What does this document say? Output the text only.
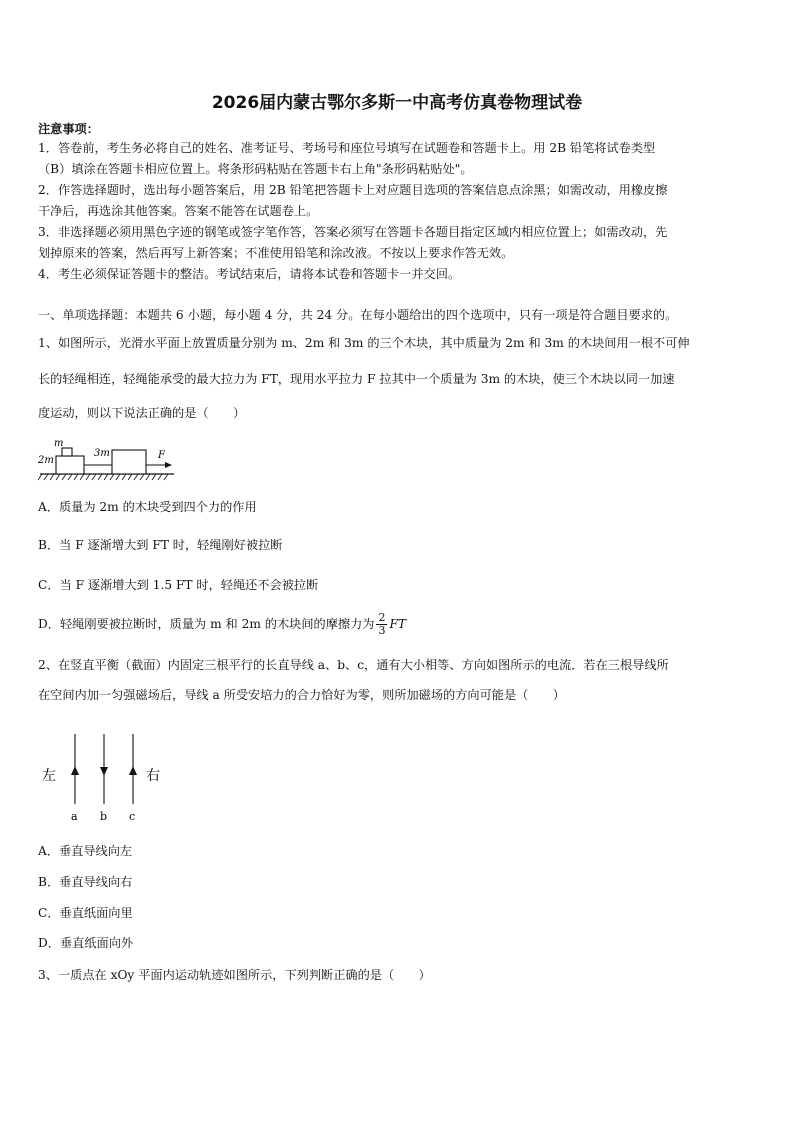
2026届内蒙古鄂尔多斯一中高考仿真卷物理试卷
注意事项：
1．答卷前，考生务必将自己的姓名、准考证号、考场号和座位号填写在试题卷和答题卡上。用 2B 铅笔将试卷类型
（B）填涂在答题卡相应位置上。将条形码粘贴在答题卡右上角"条形码粘贴处"。
2．作答选择题时，选出每小题答案后，用 2B 铅笔把答题卡上对应题目选项的答案信息点涂黑；如需改动，用橡皮擦
干净后，再选涂其他答案。答案不能答在试题卷上。
3．非选择题必须用黑色字迹的钢笔或签字笔作答，答案必须写在答题卡各题目指定区域内相应位置上；如需改动，先
划掉原来的答案，然后再写上新答案；不准使用铅笔和涂改液。不按以上要求作答无效。
4．考生必须保证答题卡的整洁。考试结束后，请将本试卷和答题卡一并交回。
一、单项选择题：本题共 6 小题，每小题 4 分，共 24 分。在每小题给出的四个选项中，只有一项是符合题目要求的。
1、如图所示，光滑水平面上放置质量分别为 m、2m 和 3m 的三个木块，其中质量为 2m 和 3m 的木块间用一根不可伸
长的轻绳相连，轻绳能承受的最大拉力为 FT，现用水平拉力 F 拉其中一个质量为 3m 的木块，使三个木块以同一加速
度运动，则以下说法正确的是（　　）
m
2m
3m	F
A．质量为 2m 的木块受到四个力的作用
B．当 F 逐渐增大到 FT 时，轻绳刚好被拉断
C．当 F 逐渐增大到 1.5 FT 时，轻绳还不会被拉断
D．轻绳刚要被拉断时，质量为 m 和 2m 的木块间的摩擦力为 $\frac{2}{3}$ FT
2、在竖直平衡（截面）内固定三根平行的长直导线 a、b、c，通有大小相等、方向如图所示的电流．若在三根导线所
在空间内加一匀强磁场后，导线 a 所受安培力的合力恰好为零，则所加磁场的方向可能是（　　）
左	右
a b c
A．垂直导线向左
B．垂直导线向右
C．垂直纸面向里
D．垂直纸面向外
3、一质点在 xOy 平面内运动轨迹如图所示，下列判断正确的是（　　）
